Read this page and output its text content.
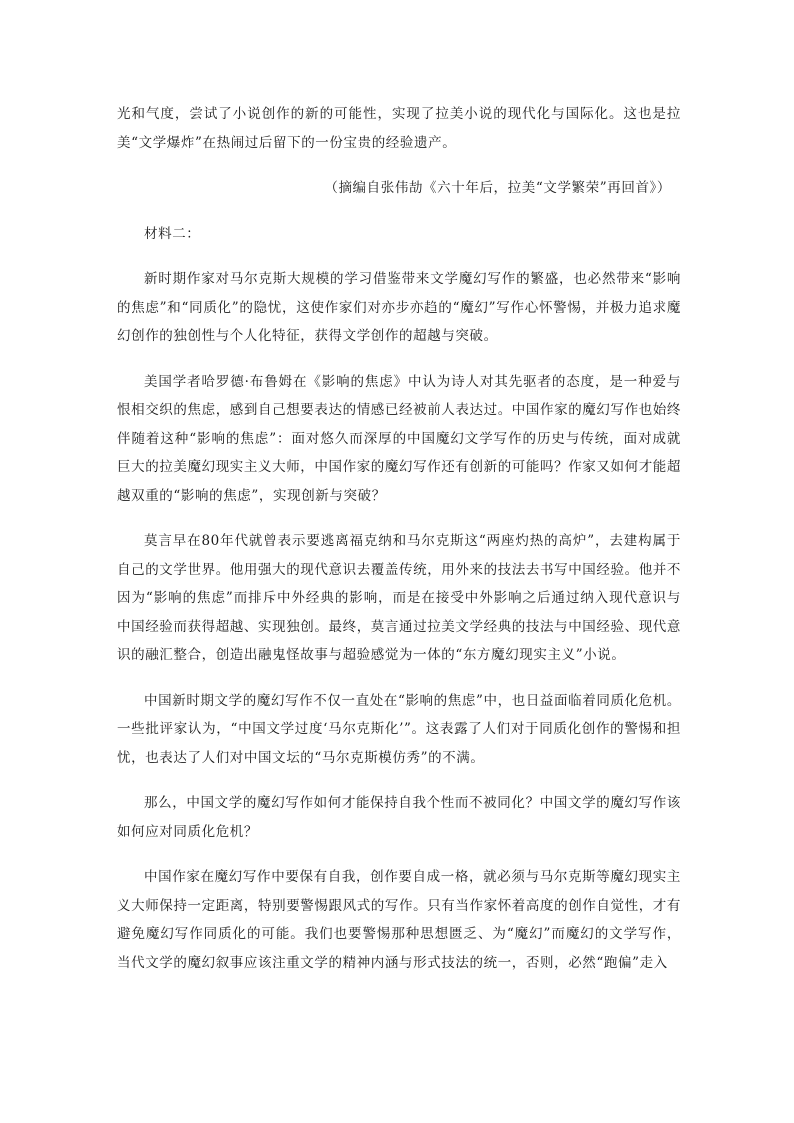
光和气度，尝试了小说创作的新的可能性，实现了拉美小说的现代化与国际化。这也是拉美“文学爆炸”在热闹过后留下的一份宝贵的经验遗产。

（摘编自张伟劼《六十年后，拉美“文学繁荣”再回首》）

材料二：

新时期作家对马尔克斯大规模的学习借鉴带来文学魔幻写作的繁盛，也必然带来“影响的焦虑”和“同质化”的隐忧，这使作家们对亦步亦趋的“魔幻”写作心怀警惕，并极力追求魔幻创作的独创性与个人化特征，获得文学创作的超越与突破。

美国学者哈罗德·布鲁姆在《影响的焦虑》中认为诗人对其先驱者的态度，是一种爱与恨相交织的焦虑，感到自己想要表达的情感已经被前人表达过。中国作家的魔幻写作也始终伴随着这种“影响的焦虑”：面对悠久而深厚的中国魔幻文学写作的历史与传统，面对成就巨大的拉美魔幻现实主义大师，中国作家的魔幻写作还有创新的可能吗？作家又如何才能超越双重的“影响的焦虑”，实现创新与突破？

莫言早在80年代就曾表示要逃离福克纳和马尔克斯这“两座灼热的高炉”，去建构属于自己的文学世界。他用强大的现代意识去覆盖传统，用外来的技法去书写中国经验。他并不因为“影响的焦虑”而排斥中外经典的影响，而是在接受中外影响之后通过纳入现代意识与中国经验而获得超越、实现独创。最终，莫言通过拉美文学经典的技法与中国经验、现代意识的融汇整合，创造出融鬼怪故事与超验感觉为一体的“东方魔幻现实主义”小说。

中国新时期文学的魔幻写作不仅一直处在“影响的焦虑”中，也日益面临着同质化危机。一些批评家认为，“中国文学过度‘马尔克斯化’”。这表露了人们对于同质化创作的警惕和担忧，也表达了人们对中国文坛的“马尔克斯模仿秀”的不满。

那么，中国文学的魔幻写作如何才能保持自我个性而不被同化？中国文学的魔幻写作该如何应对同质化危机？

中国作家在魔幻写作中要保有自我，创作要自成一格，就必须与马尔克斯等魔幻现实主义大师保持一定距离，特别要警惕跟风式的写作。只有当作家怀着高度的创作自觉性，才有避免魔幻写作同质化的可能。我们也要警惕那种思想匮乏、为“魔幻”而魔幻的文学写作，当代文学的魔幻叙事应该注重文学的精神内涵与形式技法的统一，否则，必然“跑偏”走入
